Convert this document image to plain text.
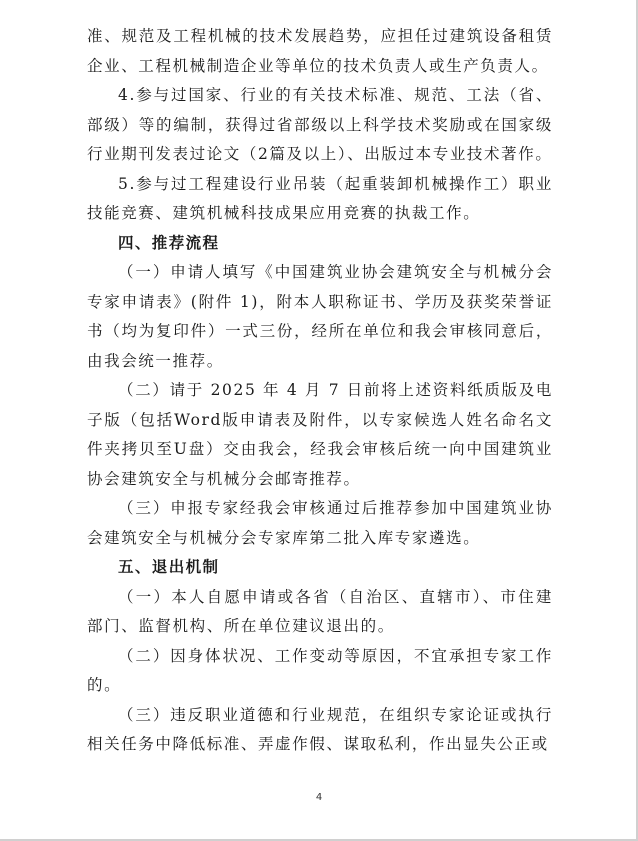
准、规范及工程机械的技术发展趋势，应担任过建筑设备租赁企业、工程机械制造企业等单位的技术负责人或生产负责人。

4.参与过国家、行业的有关技术标准、规范、工法（省、部级）等的编制，获得过省部级以上科学技术奖励或在国家级行业期刊发表过论文（2篇及以上）、出版过本专业技术著作。

5.参与过工程建设行业吊装（起重装卸机械操作工）职业技能竞赛、建筑机械科技成果应用竞赛的执裁工作。

四、推荐流程

（一）申请人填写《中国建筑业协会建筑安全与机械分会专家申请表》(附件 1)，附本人职称证书、学历及获奖荣誉证书（均为复印件）一式三份，经所在单位和我会审核同意后，由我会统一推荐。

（二）请于 2025 年 4 月 7 日前将上述资料纸质版及电子版（包括Word版申请表及附件，以专家候选人姓名命名文件夹拷贝至U盘）交由我会，经我会审核后统一向中国建筑业协会建筑安全与机械分会邮寄推荐。

（三）申报专家经我会审核通过后推荐参加中国建筑业协会建筑安全与机械分会专家库第二批入库专家遴选。

五、退出机制

（一）本人自愿申请或各省（自治区、直辖市）、市住建部门、监督机构、所在单位建议退出的。

（二）因身体状况、工作变动等原因，不宜承担专家工作的。

（三）违反职业道德和行业规范，在组织专家论证或执行相关任务中降低标准、弄虚作假、谋取私利，作出显失公正或

4
